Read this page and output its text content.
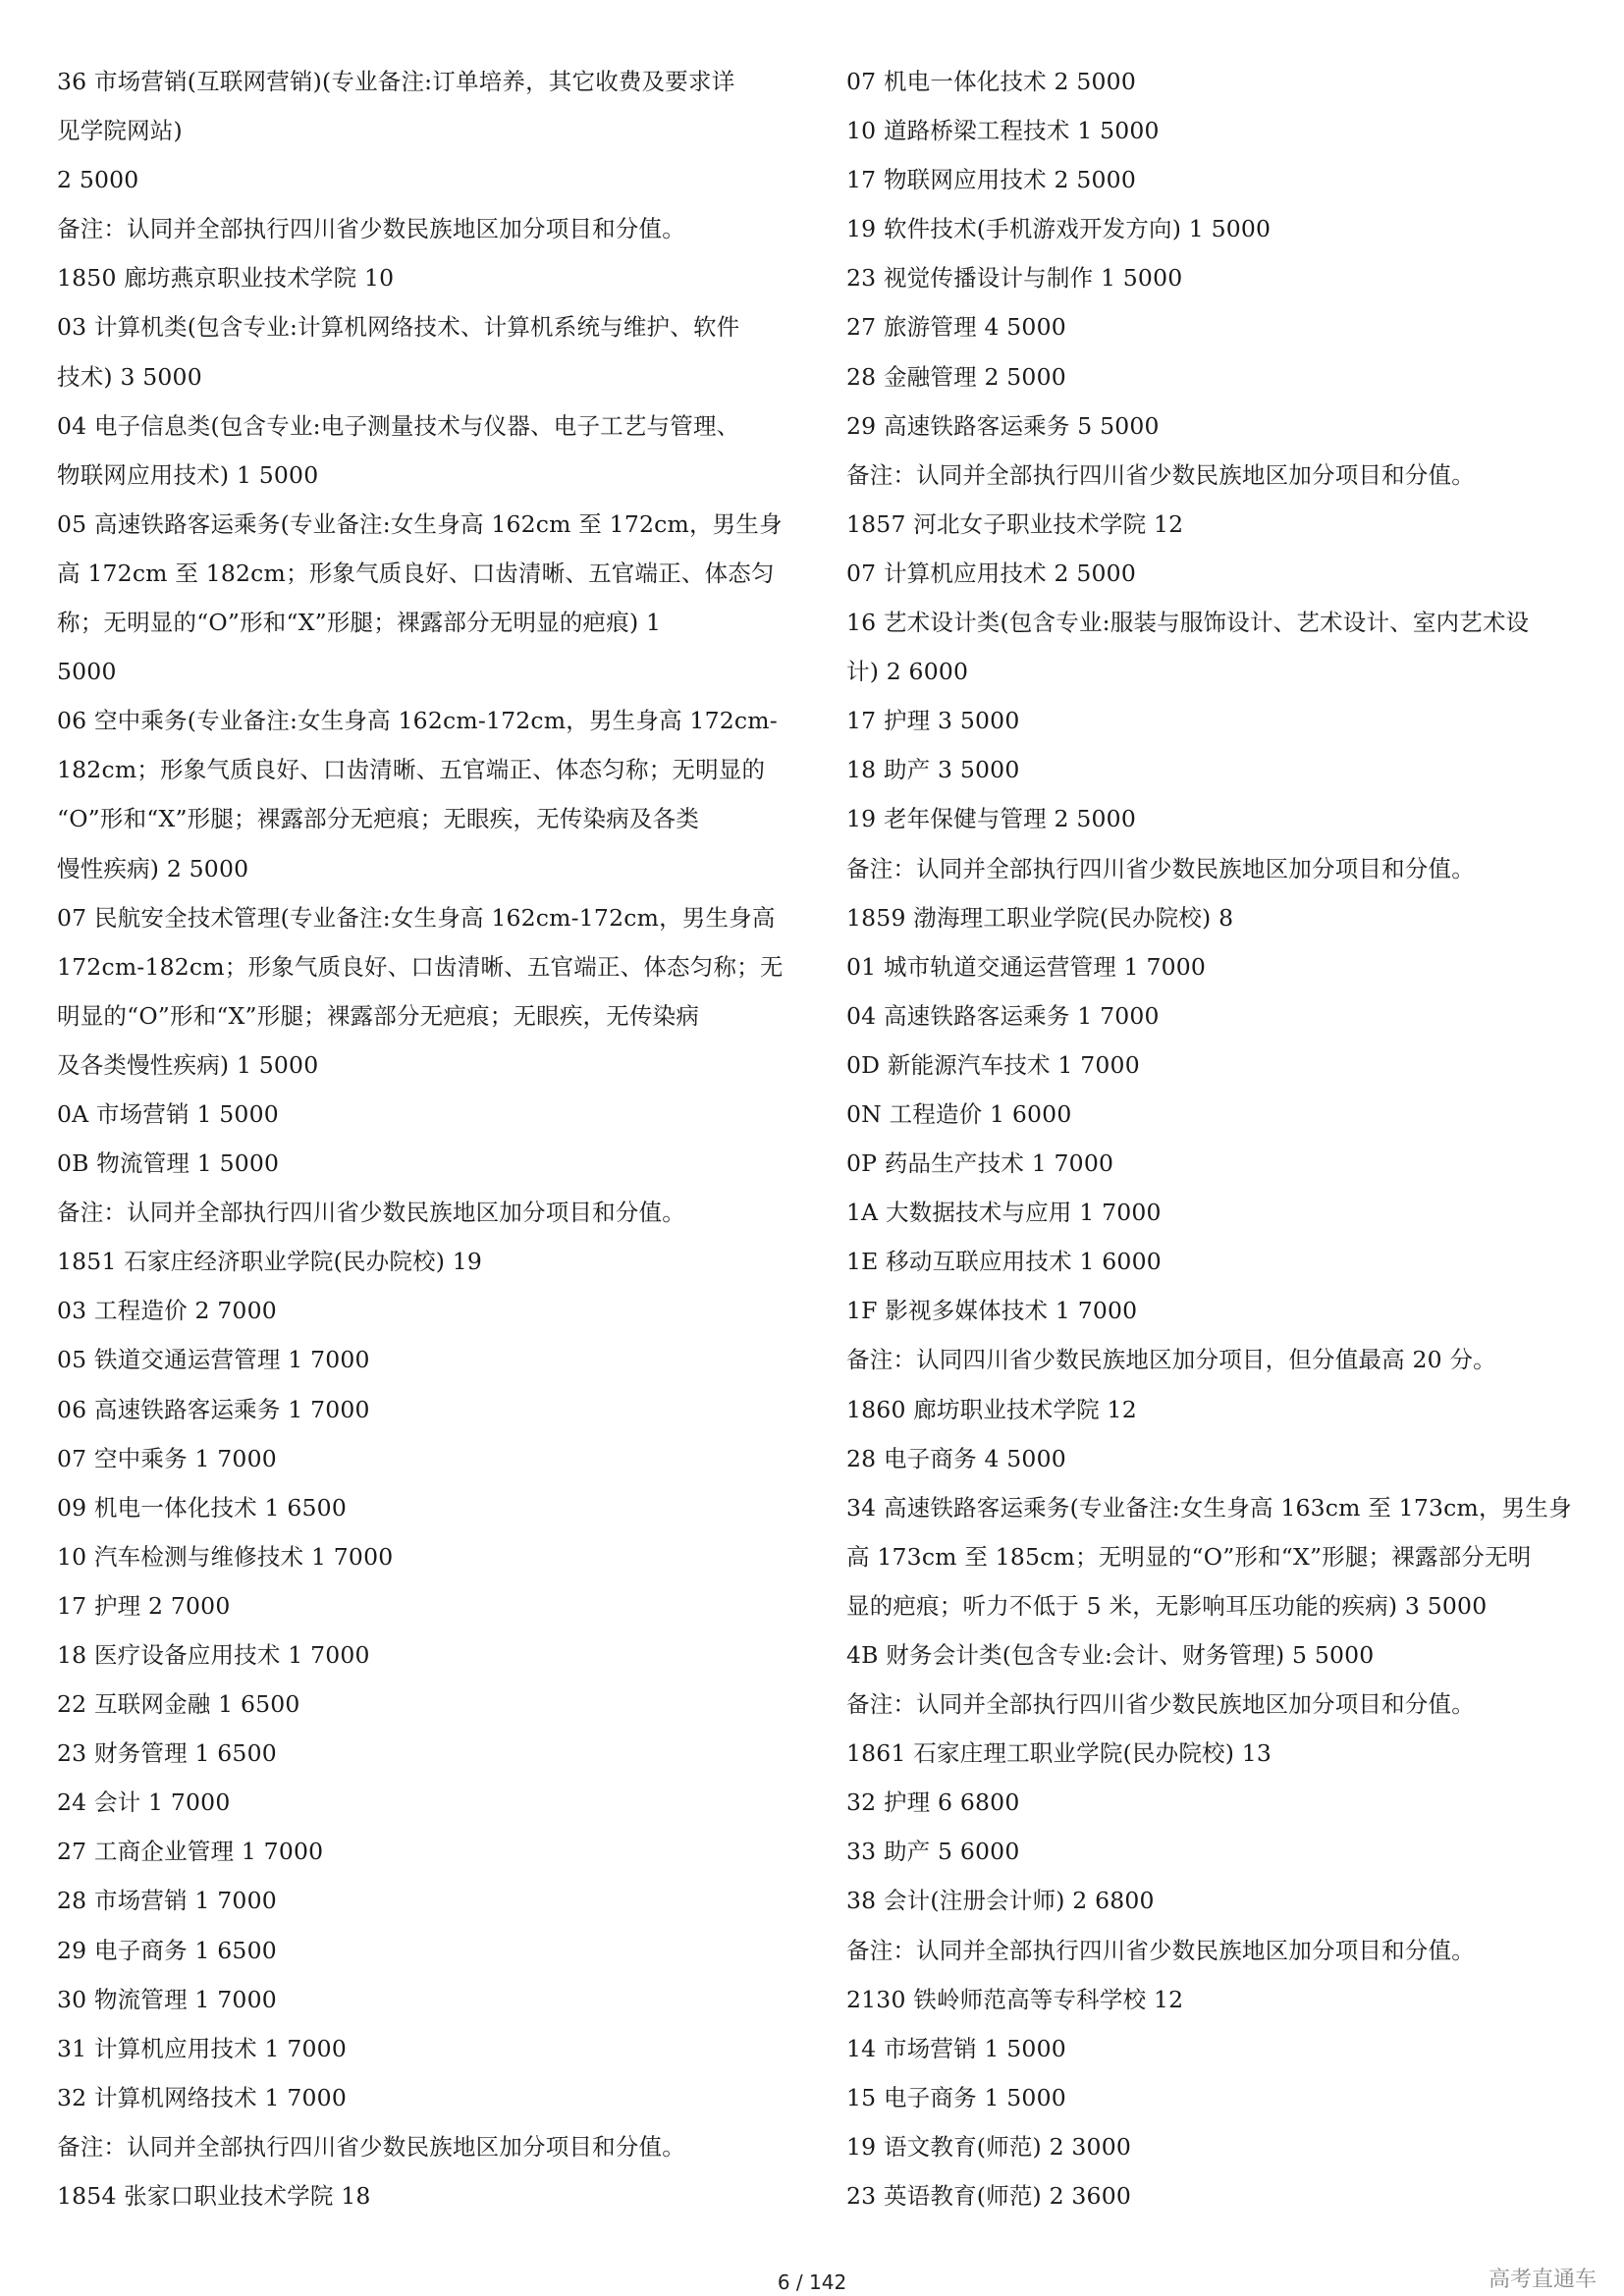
36 市场营销(互联网营销)(专业备注:订单培养，其它收费及要求详
见学院网站)
2 5000
备注：认同并全部执行四川省少数民族地区加分项目和分值。
1850 廊坊燕京职业技术学院 10
03 计算机类(包含专业:计算机网络技术、计算机系统与维护、软件
技术) 3 5000
04 电子信息类(包含专业:电子测量技术与仪器、电子工艺与管理、
物联网应用技术) 1 5000
05 高速铁路客运乘务(专业备注:女生身高 162cm 至 172cm，男生身
高 172cm 至 182cm；形象气质良好、口齿清晰、五官端正、体态匀
称；无明显的“O”形和“X”形腿；裸露部分无明显的疤痕) 1
5000
06 空中乘务(专业备注:女生身高 162cm-172cm，男生身高 172cm-
182cm；形象气质良好、口齿清晰、五官端正、体态匀称；无明显的
“O”形和“X”形腿；裸露部分无疤痕；无眼疾，无传染病及各类
慢性疾病) 2 5000
07 民航安全技术管理(专业备注:女生身高 162cm-172cm，男生身高
172cm-182cm；形象气质良好、口齿清晰、五官端正、体态匀称；无
明显的“O”形和“X”形腿；裸露部分无疤痕；无眼疾，无传染病
及各类慢性疾病) 1 5000
0A 市场营销 1 5000
0B 物流管理 1 5000
备注：认同并全部执行四川省少数民族地区加分项目和分值。
1851 石家庄经济职业学院(民办院校) 19
03 工程造价 2 7000
05 铁道交通运营管理 1 7000
06 高速铁路客运乘务 1 7000
07 空中乘务 1 7000
09 机电一体化技术 1 6500
10 汽车检测与维修技术 1 7000
17 护理 2 7000
18 医疗设备应用技术 1 7000
22 互联网金融 1 6500
23 财务管理 1 6500
24 会计 1 7000
27 工商企业管理 1 7000
28 市场营销 1 7000
29 电子商务 1 6500
30 物流管理 1 7000
31 计算机应用技术 1 7000
32 计算机网络技术 1 7000
备注：认同并全部执行四川省少数民族地区加分项目和分值。
1854 张家口职业技术学院 18
07 机电一体化技术 2 5000
10 道路桥梁工程技术 1 5000
17 物联网应用技术 2 5000
19 软件技术(手机游戏开发方向) 1 5000
23 视觉传播设计与制作 1 5000
27 旅游管理 4 5000
28 金融管理 2 5000
29 高速铁路客运乘务 5 5000
备注：认同并全部执行四川省少数民族地区加分项目和分值。
1857 河北女子职业技术学院 12
07 计算机应用技术 2 5000
16 艺术设计类(包含专业:服装与服饰设计、艺术设计、室内艺术设
计) 2 6000
17 护理 3 5000
18 助产 3 5000
19 老年保健与管理 2 5000
备注：认同并全部执行四川省少数民族地区加分项目和分值。
1859 渤海理工职业学院(民办院校) 8
01 城市轨道交通运营管理 1 7000
04 高速铁路客运乘务 1 7000
0D 新能源汽车技术 1 7000
0N 工程造价 1 6000
0P 药品生产技术 1 7000
1A 大数据技术与应用 1 7000
1E 移动互联应用技术 1 6000
1F 影视多媒体技术 1 7000
备注：认同四川省少数民族地区加分项目，但分值最高 20 分。
1860 廊坊职业技术学院 12
28 电子商务 4 5000
34 高速铁路客运乘务(专业备注:女生身高 163cm 至 173cm，男生身
高 173cm 至 185cm；无明显的“O”形和“X”形腿；裸露部分无明
显的疤痕；听力不低于 5 米，无影响耳压功能的疾病) 3 5000
4B 财务会计类(包含专业:会计、财务管理) 5 5000
备注：认同并全部执行四川省少数民族地区加分项目和分值。
1861 石家庄理工职业学院(民办院校) 13
32 护理 6 6800
33 助产 5 6000
38 会计(注册会计师) 2 6800
备注：认同并全部执行四川省少数民族地区加分项目和分值。
2130 铁岭师范高等专科学校 12
14 市场营销 1 5000
15 电子商务 1 5000
19 语文教育(师范) 2 3000
23 英语教育(师范) 2 3600
6 / 142	高考直通车
